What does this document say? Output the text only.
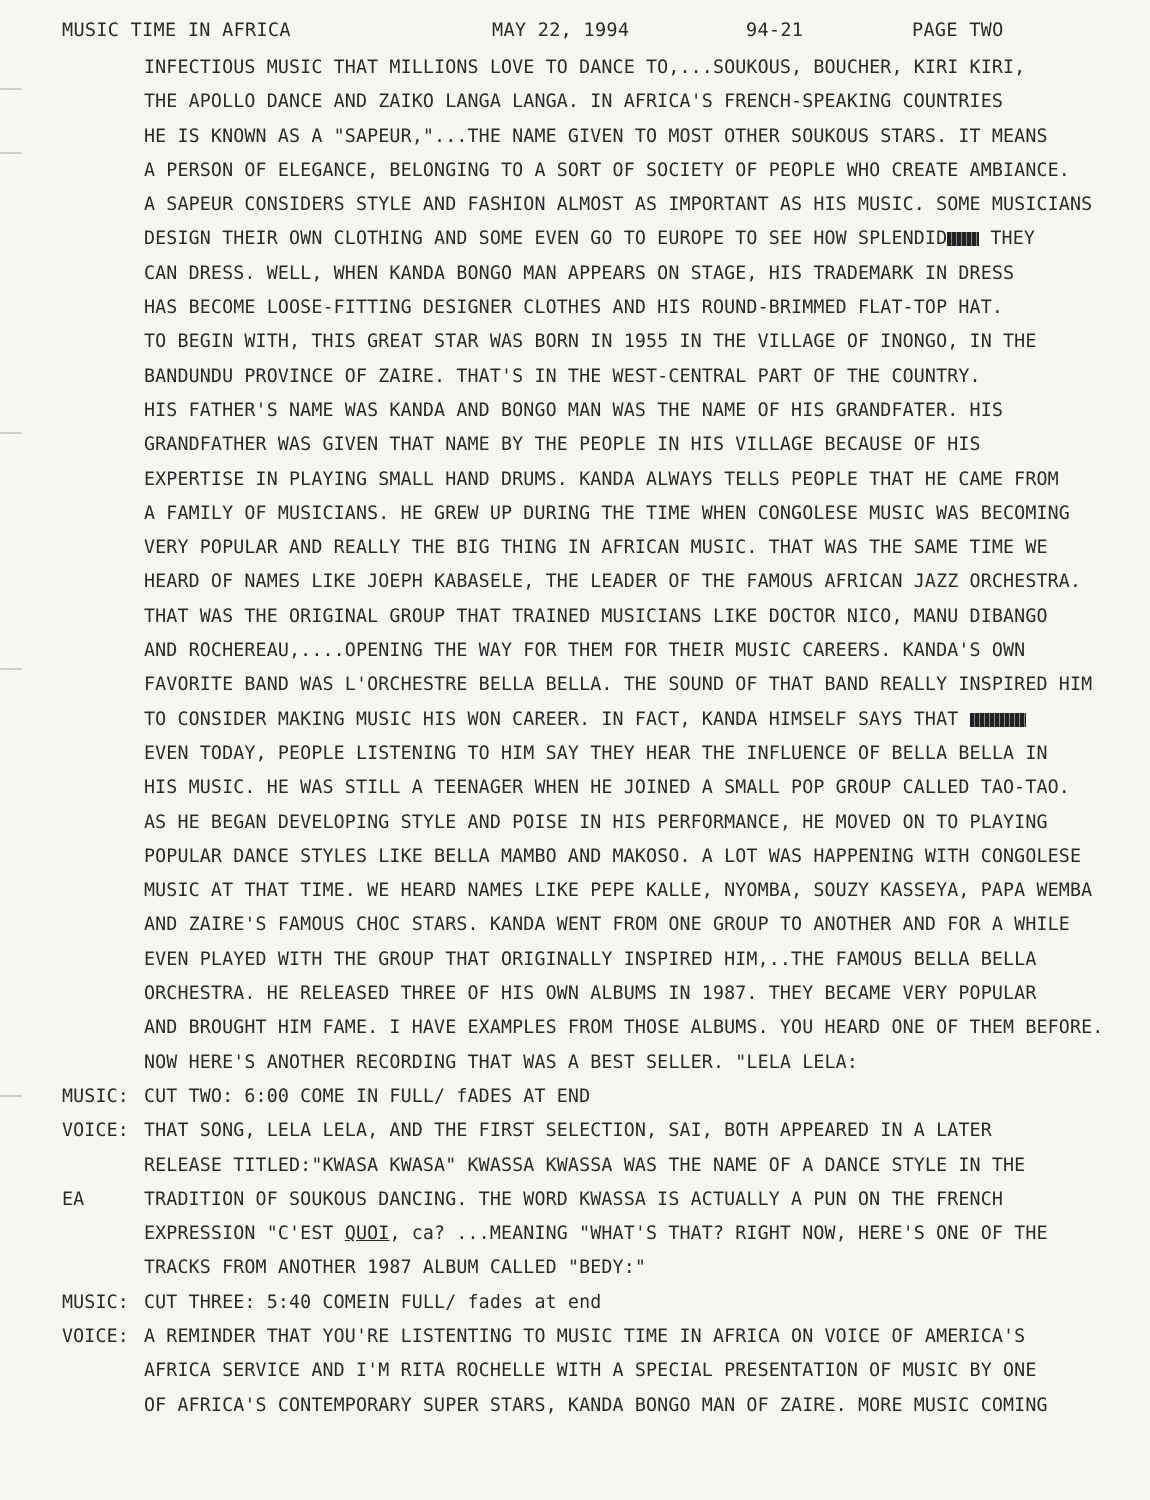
MUSIC TIME IN AFRICA	MAY 22, 1994	94-21	PAGE TWO
INFECTIOUS MUSIC THAT MILLIONS LOVE TO DANCE TO,...SOUKOUS, BOUCHER, KIRI KIRI,
THE APOLLO DANCE AND ZAIKO LANGA LANGA. IN AFRICA'S FRENCH-SPEAKING COUNTRIES
HE IS KNOWN AS A "SAPEUR,"...THE NAME GIVEN TO MOST OTHER SOUKOUS STARS. IT MEANS
A PERSON OF ELEGANCE, BELONGING TO A SORT OF SOCIETY OF PEOPLE WHO CREATE AMBIANCE.
A SAPEUR CONSIDERS STYLE AND FASHION ALMOST AS IMPORTANT AS HIS MUSIC. SOME MUSICIANS
DESIGN THEIR OWN CLOTHING AND SOME EVEN GO TO EUROPE TO SEE HOW SPLENDID THEY
CAN DRESS. WELL, WHEN KANDA BONGO MAN APPEARS ON STAGE, HIS TRADEMARK IN DRESS
HAS BECOME LOOSE-FITTING DESIGNER CLOTHES AND HIS ROUND-BRIMMED FLAT-TOP HAT.
TO BEGIN WITH, THIS GREAT STAR WAS BORN IN 1955 IN THE VILLAGE OF INONGO, IN THE
BANDUNDU PROVINCE OF ZAIRE. THAT'S IN THE WEST-CENTRAL PART OF THE COUNTRY.
HIS FATHER'S NAME WAS KANDA AND BONGO MAN WAS THE NAME OF HIS GRANDFATER. HIS
GRANDFATHER WAS GIVEN THAT NAME BY THE PEOPLE IN HIS VILLAGE BECAUSE OF HIS
EXPERTISE IN PLAYING SMALL HAND DRUMS. KANDA ALWAYS TELLS PEOPLE THAT HE CAME FROM
A FAMILY OF MUSICIANS. HE GREW UP DURING THE TIME WHEN CONGOLESE MUSIC WAS BECOMING
VERY POPULAR AND REALLY THE BIG THING IN AFRICAN MUSIC. THAT WAS THE SAME TIME WE
HEARD OF NAMES LIKE JOEPH KABASELE, THE LEADER OF THE FAMOUS AFRICAN JAZZ ORCHESTRA.
THAT WAS THE ORIGINAL GROUP THAT TRAINED MUSICIANS LIKE DOCTOR NICO, MANU DIBANGO
AND ROCHEREAU,....OPENING THE WAY FOR THEM FOR THEIR MUSIC CAREERS. KANDA'S OWN
FAVORITE BAND WAS L'ORCHESTRE BELLA BELLA. THE SOUND OF THAT BAND REALLY INSPIRED HIM
TO CONSIDER MAKING MUSIC HIS WON CAREER. IN FACT, KANDA HIMSELF SAYS THAT
EVEN TODAY, PEOPLE LISTENING TO HIM SAY THEY HEAR THE INFLUENCE OF BELLA BELLA IN
HIS MUSIC. HE WAS STILL A TEENAGER WHEN HE JOINED A SMALL POP GROUP CALLED TAO-TAO.
AS HE BEGAN DEVELOPING STYLE AND POISE IN HIS PERFORMANCE, HE MOVED ON TO PLAYING
POPULAR DANCE STYLES LIKE BELLA MAMBO AND MAKOSO. A LOT WAS HAPPENING WITH CONGOLESE
MUSIC AT THAT TIME. WE HEARD NAMES LIKE PEPE KALLE, NYOMBA, SOUZY KASSEYA, PAPA WEMBA
AND ZAIRE'S FAMOUS CHOC STARS. KANDA WENT FROM ONE GROUP TO ANOTHER AND FOR A WHILE
EVEN PLAYED WITH THE GROUP THAT ORIGINALLY INSPIRED HIM,..THE FAMOUS BELLA BELLA
ORCHESTRA. HE RELEASED THREE OF HIS OWN ALBUMS IN 1987. THEY BECAME VERY POPULAR
AND BROUGHT HIM FAME. I HAVE EXAMPLES FROM THOSE ALBUMS. YOU HEARD ONE OF THEM BEFORE.
NOW HERE'S ANOTHER RECORDING THAT WAS A BEST SELLER. "LELA LELA:
MUSIC: CUT TWO: 6:00 COME IN FULL/ fADES AT END
VOICE: THAT SONG, LELA LELA, AND THE FIRST SELECTION, SAI, BOTH APPEARED IN A LATER
RELEASE TITLED:"KWASA KWASA" KWASSA KWASSA WAS THE NAME OF A DANCE STYLE IN THE
EA	TRADITION OF SOUKOUS DANCING. THE WORD KWASSA IS ACTUALLY A PUN ON THE FRENCH
EXPRESSION "C'EST QUOI, ca? ...MEANING "WHAT'S THAT? RIGHT NOW, HERE'S ONE OF THE
TRACKS FROM ANOTHER 1987 ALBUM CALLED "BEDY:"
MUSIC: CUT THREE: 5:40 COMEIN FULL/ fades at end
VOICE: A REMINDER THAT YOU'RE LISTENTING TO MUSIC TIME IN AFRICA ON VOICE OF AMERICA'S
AFRICA SERVICE AND I'M RITA ROCHELLE WITH A SPECIAL PRESENTATION OF MUSIC BY ONE
OF AFRICA'S CONTEMPORARY SUPER STARS, KANDA BONGO MAN OF ZAIRE. MORE MUSIC COMING
